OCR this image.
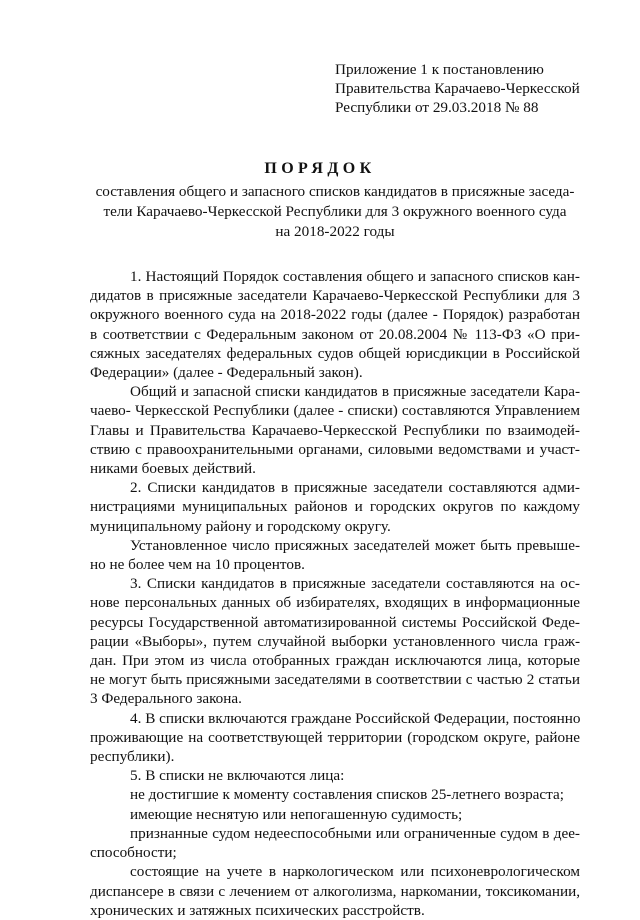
Приложение 1 к постановлению
Правительства Карачаево-Черкесской
Республики от 29.03.2018 № 88
ПОРЯДОК
составления общего и запасного списков кандидатов в присяжные заседа-
тели Карачаево-Черкесской Республики для 3 окружного военного суда
на 2018-2022 годы
1. Настоящий Порядок составления общего и запасного списков кан-
дидатов в присяжные заседатели Карачаево-Черкесской Республики для 3
окружного военного суда на 2018-2022 годы (далее - Порядок) разработан
в соответствии с Федеральным законом от 20.08.2004 № 113-ФЗ «О при-
сяжных заседателях федеральных судов общей юрисдикции в Российской
Федерации» (далее - Федеральный закон).
Общий и запасной списки кандидатов в присяжные заседатели Кара-
чаево- Черкесской Республики (далее - списки) составляются Управлением
Главы и Правительства Карачаево-Черкесской Республики по взаимодей-
ствию с правоохранительными органами, силовыми ведомствами и участ-
никами боевых действий.
2. Списки кандидатов в присяжные заседатели составляются адми-
нистрациями муниципальных районов и городских округов по каждому
муниципальному району и городскому округу.
Установленное число присяжных заседателей может быть превыше-
но не более чем на 10 процентов.
3. Списки кандидатов в присяжные заседатели составляются на ос-
нове персональных данных об избирателях, входящих в информационные
ресурсы Государственной автоматизированной системы Российской Феде-
рации «Выборы», путем случайной выборки установленного числа граж-
дан. При этом из числа отобранных граждан исключаются лица, которые
не могут быть присяжными заседателями в соответствии с частью 2 статьи
3 Федерального закона.
4. В списки включаются граждане Российской Федерации, постоянно
проживающие на соответствующей территории (городском округе, районе
республики).
5. В списки не включаются лица:
не достигшие к моменту составления списков 25-летнего возраста;
имеющие неснятую или непогашенную судимость;
признанные судом недееспособными или ограниченные судом в дее-
способности;
состоящие на учете в наркологическом или психоневрологическом
диспансере в связи с лечением от алкоголизма, наркомании, токсикомании,
хронических и затяжных психических расстройств.
